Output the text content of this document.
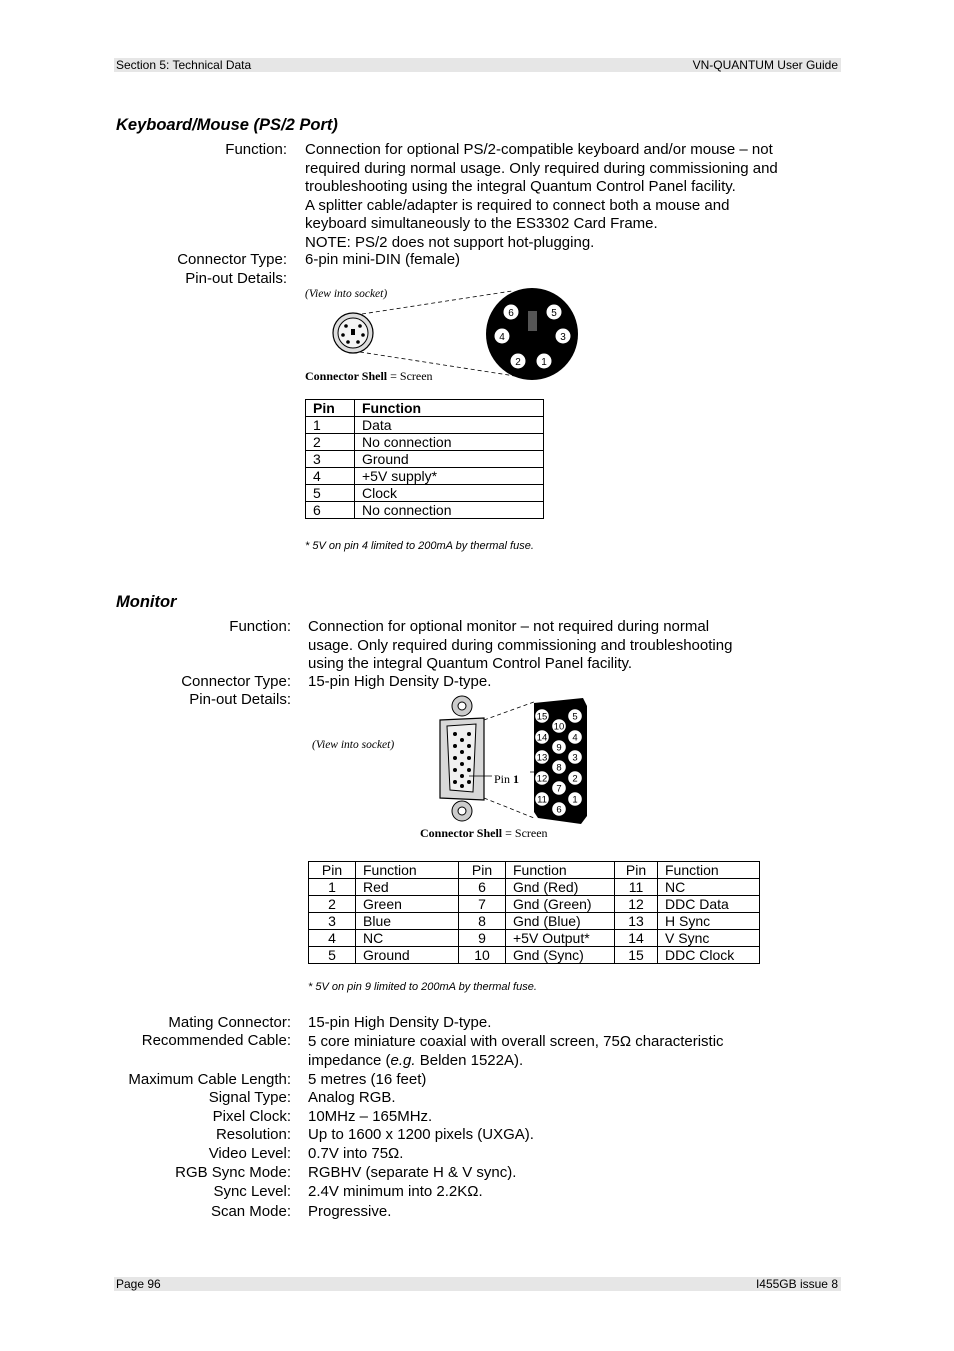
Section 5: Technical Data	VN-QUANTUM User Guide
Keyboard/Mouse (PS/2 Port)
Function: Connection for optional PS/2-compatible keyboard and/or mouse – not
required during normal usage. Only required during commissioning and
troubleshooting using the integral Quantum Control Panel facility.
A splitter cable/adapter is required to connect both a mouse and
keyboard simultaneously to the ES3302 Card Frame.
NOTE: PS/2 does not support hot-plugging.
Connector Type: 6-pin mini-DIN (female)
Pin-out Details:
(View into socket)
6	5
4	3
2 1
Connector Shell = Screen
Pin	Function
1	Data
2	No connection
3	Ground
4	+5V supply*
5	Clock
6	No connection
* 5V on pin 4 limited to 200mA by thermal fuse.
Monitor
Function: Connection for optional monitor – not required during normal
usage. Only required during commissioning and troubleshooting
using the integral Quantum Control Panel facility.
Connector Type: 15-pin High Density D-type.
Pin-out Details:
(View into socket)
Pin 1
15	5
10
14	4
9
13	3
8
12	2
7
11	1
6
Connector Shell = Screen
Pin	Function	Pin	Function	Pin	Function
1	Red	6	Gnd (Red)	11	NC
2	Green	7	Gnd (Green)	12	DDC Data
3	Blue	8	Gnd (Blue)	13	H Sync
4	NC	9	+5V Output*	14	V Sync
5	Ground	10	Gnd (Sync)	15	DDC Clock
* 5V on pin 9 limited to 200mA by thermal fuse.
Mating Connector: 15-pin High Density D-type.
Recommended Cable: 5 core miniature coaxial with overall screen, 75Ω characteristic
impedance (e.g. Belden 1522A).
Maximum Cable Length: 5 metres (16 feet)
Signal Type: Analog RGB.
Pixel Clock: 10MHz – 165MHz.
Resolution: Up to 1600 x 1200 pixels (UXGA).
Video Level: 0.7V into 75Ω.
RGB Sync Mode: RGBHV (separate H & V sync).
Sync Level: 2.4V minimum into 2.2KΩ.
Scan Mode: Progressive.
Page 96	I455GB issue 8
